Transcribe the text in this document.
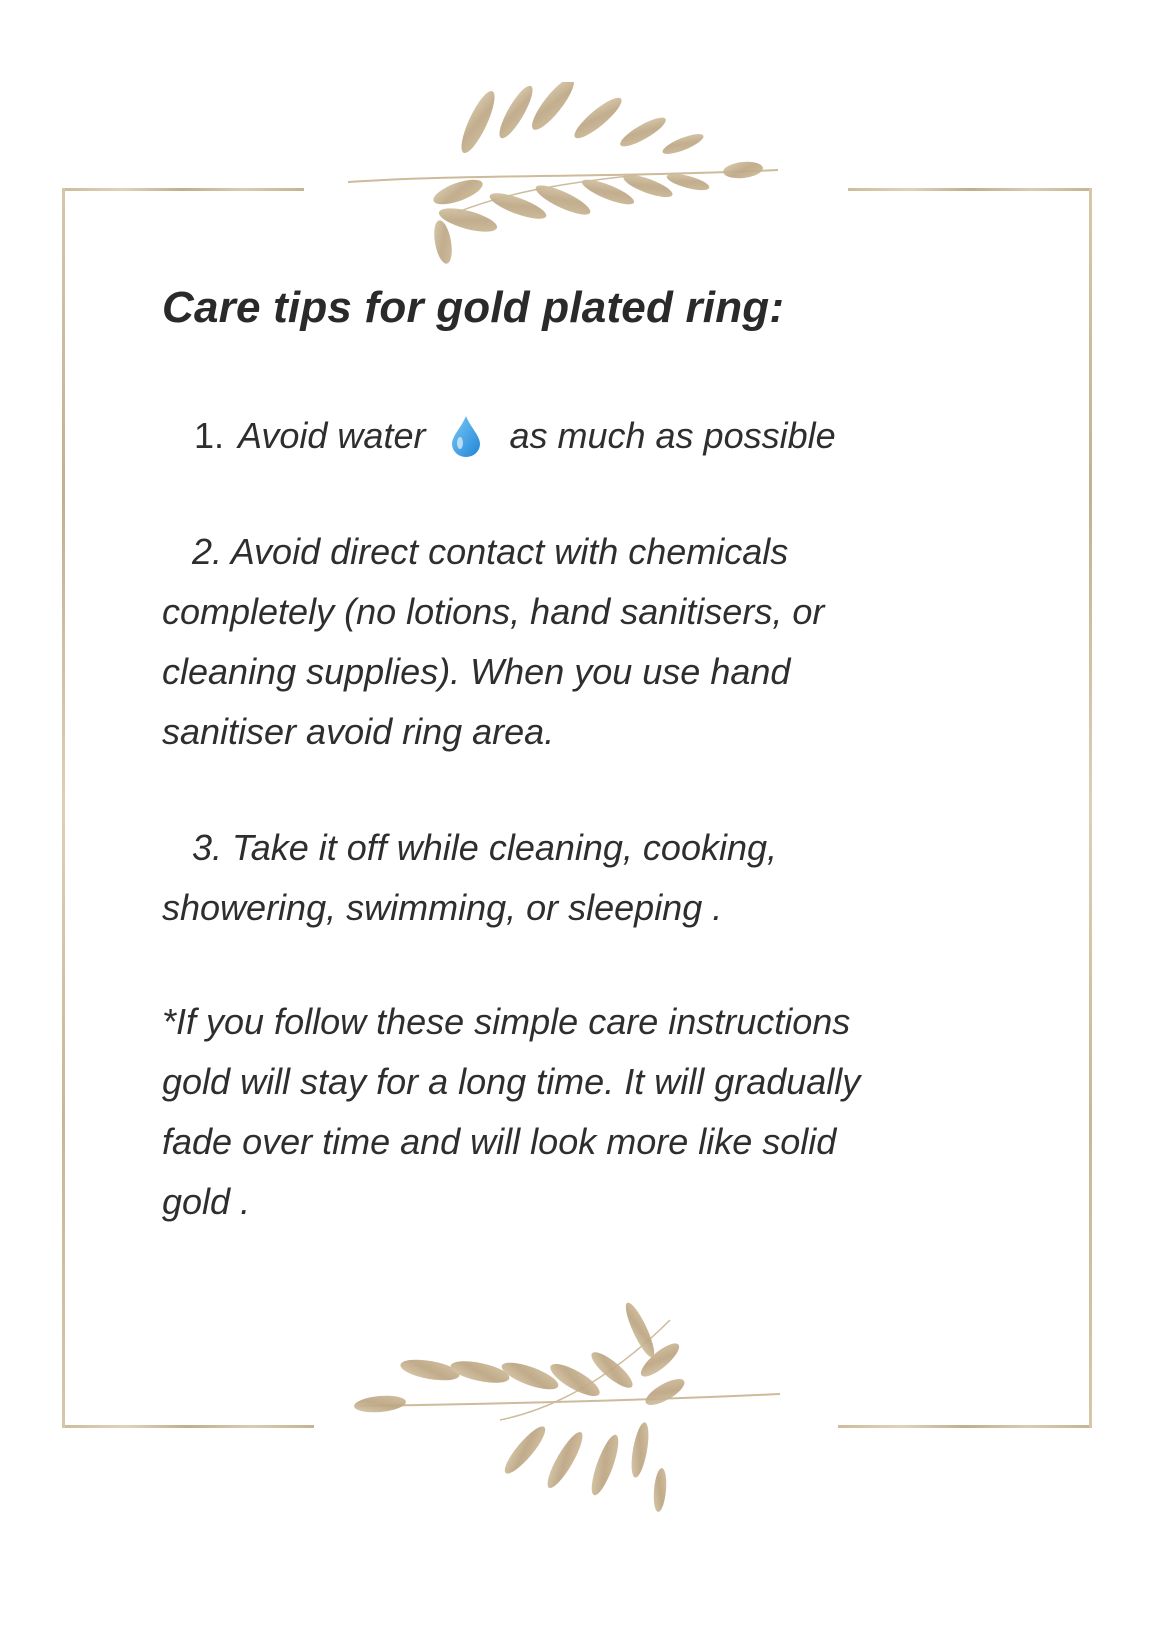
Care tips for gold plated ring:
1. Avoid water as much as possible

2. Avoid direct contact with chemicals

completely (no lotions, hand sanitisers, or

cleaning supplies). When you use hand

sanitiser avoid ring area.

3. Take it off while cleaning, cooking,

showering, swimming, or sleeping .

*If you follow these simple care instructions

gold will stay for a long time. It will gradually

fade over time and will look more like solid

gold .
